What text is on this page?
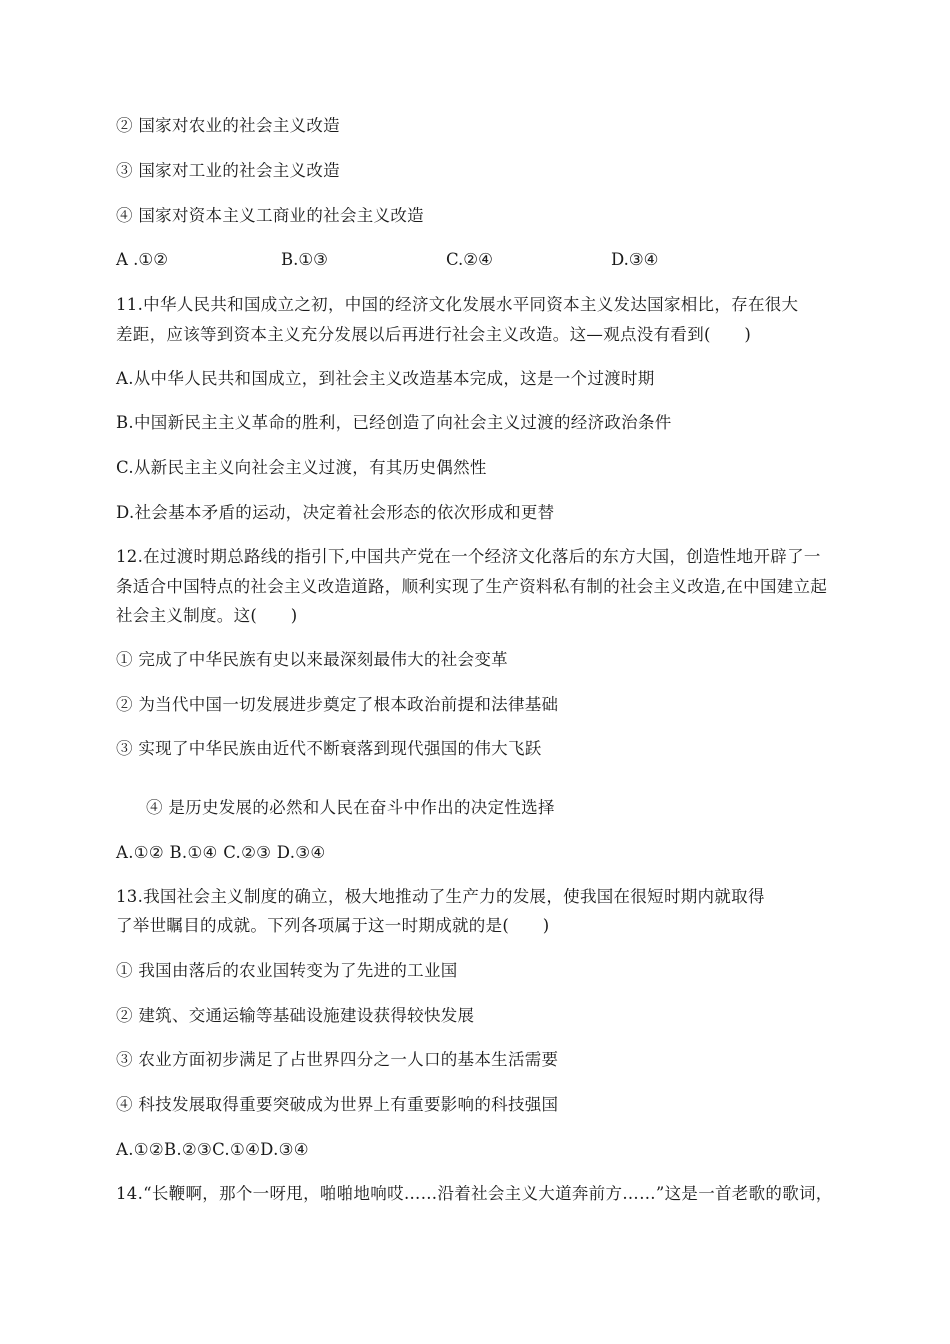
② 国家对农业的社会主义改造
③ 国家对工业的社会主义改造
④ 国家对资本主义工商业的社会主义改造
A .①②	B.①③	C.②④	D.③④
11.中华人民共和国成立之初，中国的经济文化发展水平同资本主义发达国家相比，存在很大
差距，应该等到资本主义充分发展以后再进行社会主义改造。这—观点没有看到(　　)
A.从中华人民共和国成立，到社会主义改造基本完成，这是一个过渡时期
B.中国新民主主义革命的胜利，已经创造了向社会主义过渡的经济政治条件
C.从新民主主义向社会主义过渡，有其历史偶然性
D.社会基本矛盾的运动，决定着社会形态的依次形成和更替
12.在过渡时期总路线的指引下,中国共产党在一个经济文化落后的东方大国，创造性地开辟了一
条适合中国特点的社会主义改造道路，顺利实现了生产资料私有制的社会主义改造,在中国建立起
社会主义制度。这(　　)
① 完成了中华民族有史以来最深刻最伟大的社会变革
② 为当代中国一切发展进步奠定了根本政治前提和法律基础
③ 实现了中华民族由近代不断衰落到现代强国的伟大飞跃
④ 是历史发展的必然和人民在奋斗中作出的决定性选择
A.①② B.①④ C.②③ D.③④
13.我国社会主义制度的确立，极大地推动了生产力的发展，使我国在很短时期内就取得
了举世瞩目的成就。下列各项属于这一时期成就的是(　　)
① 我国由落后的农业国转变为了先进的工业国
② 建筑、交通运输等基础设施建设获得较快发展
③ 农业方面初步满足了占世界四分之一人口的基本生活需要
④ 科技发展取得重要突破成为世界上有重要影响的科技强国
A.①②B.②③C.①④D.③④
14.“长鞭啊，那个一呀甩，啪啪地响哎……沿着社会主义大道奔前方……”这是一首老歌的歌词，
